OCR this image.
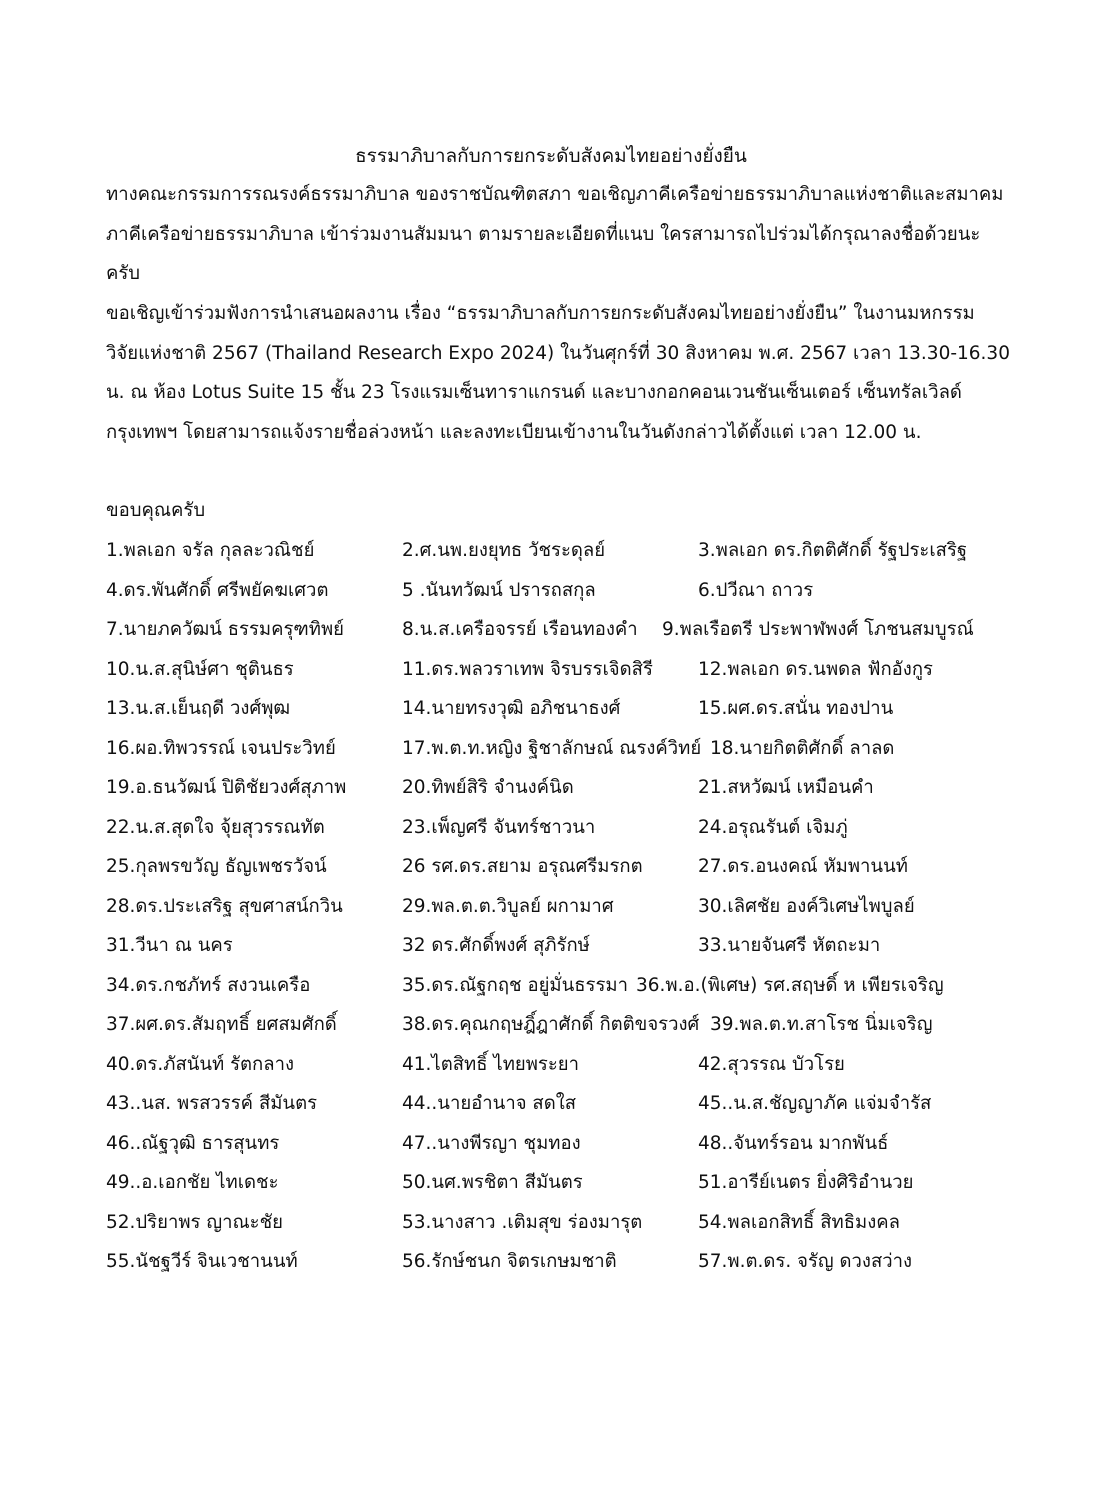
ธรรมาภิบาลกับการยกระดับสังคมไทยอย่างยั่งยืน
ทางคณะกรรมการรณรงค์ธรรมาภิบาล ของราชบัณฑิตสภา ขอเชิญภาคีเครือข่ายธรรมาภิบาลแห่งชาติและสมาคม
ภาคีเครือข่ายธรรมาภิบาล เข้าร่วมงานสัมมนา ตามรายละเอียดที่แนบ ใครสามารถไปร่วมได้กรุณาลงชื่อด้วยนะ
ครับ
ขอเชิญเข้าร่วมฟังการนำเสนอผลงาน เรื่อง “ธรรมาภิบาลกับการยกระดับสังคมไทยอย่างยั่งยืน” ในงานมหกรรม
วิจัยแห่งชาติ 2567 (Thailand Research Expo 2024) ในวันศุกร์ที่ 30 สิงหาคม พ.ศ. 2567 เวลา 13.30-16.30
น. ณ ห้อง Lotus Suite 15 ชั้น 23 โรงแรมเซ็นทาราแกรนด์ และบางกอกคอนเวนชันเซ็นเตอร์ เซ็นทรัลเวิลด์
กรุงเทพฯ โดยสามารถแจ้งรายชื่อล่วงหน้า และลงทะเบียนเข้างานในวันดังกล่าวได้ตั้งแต่ เวลา 12.00 น.
ขอบคุณครับ
1.พลเอก จรัล กุลละวณิชย์	2.ศ.นพ.ยงยุทธ วัชระดุลย์	3.พลเอก ดร.กิตติศักดิ์ รัฐประเสริฐ
4.ดร.พันศักดิ์ ศรีพยัคฆเศวต	5 .นันทวัฒน์ ปรารถสกุล	6.ปวีณา ถาวร
7.นายภควัฒน์ ธรรมครุฑทิพย์	8.น.ส.เครือจรรย์ เรือนทองคำ 9.พลเรือตรี ประพาฬพงศ์ โภชนสมบูรณ์
10.น.ส.สุนิษ์ศา ชุตินธร	11.ดร.พลวราเทพ จิรบรรเจิดสิรี 12.พลเอก ดร.นพดล ฟักอังกูร
13.น.ส.เย็นฤดี วงศ์พุฒ	14.นายทรงวุฒิ อภิชนาธงศ์	15.ผศ.ดร.สนั่น ทองปาน
16.ผอ.ทิพวรรณ์ เจนประวิทย์	17.พ.ต.ท.หญิง ฐิชาลักษณ์ ณรงค์วิทย์ 18.นายกิตติศักดิ์ ลาลด
19.อ.ธนวัฒน์ ปิติชัยวงศ์สุภาพ	20.ทิพย์สิริ จำนงค์นิด	21.สหวัฒน์ เหมือนคำ
22.น.ส.สุดใจ จุ้ยสุวรรณทัต	23.เพ็ญศรี จันทร์ชาวนา	24.อรุณรันต์ เจิมภู่
25.กุลพรขวัญ ธัญเพชรวัจน์	26 รศ.ดร.สยาม อรุณศรีมรกต	27.ดร.อนงคณ์ หัมพานนท์
28.ดร.ประเสริฐ สุขศาสน์กวิน	29.พล.ต.ต.วิบูลย์ ผกามาศ	30.เลิศชัย องค์วิเศษไพบูลย์
31.วีนา ณ นคร	32 ดร.ศักดิ์พงศ์ สุภิรักษ์	33.นายจันศรี หัตถะมา
34.ดร.กชภัทร์ สงวนเครือ	35.ดร.ณัฐกฤช อยู่มั่นธรรมา 36.พ.อ.(พิเศษ) รศ.สฤษดิ์ ห เพียรเจริญ
37.ผศ.ดร.สัมฤทธิ์ ยศสมศักดิ์	38.ดร.คุณกฤษฎิ์ฎาศักดิ์ กิตติขจรวงศ์ 39.พล.ต.ท.สาโรช นิ่มเจริญ
40.ดร.ภัสนันท์ รัตกลาง	41.ไตสิทธิ์ ไทยพระยา	42.สุวรรณ บัวโรย
43..นส. พรสวรรค์ สีมันตร	44..นายอำนาจ สดใส	45..น.ส.ชัญญาภัค แจ่มจำรัส
46..ณัฐวุฒิ ธารสุนทร	47..นางพีรญา ชุมทอง	48..จันทร์รอน มากพันธ์
49..อ.เอกชัย ไทเดชะ	50.นศ.พรชิตา สีมันตร	51.อารีย์เนตร ยิ่งศิริอำนวย
52.ปริยาพร ญาณะชัย	53.นางสาว .เติมสุข ร่องมารุต	54.พลเอกสิทธิ์ สิทธิมงคล
55.นัชฐวีร์ จินเวชานนท์	56.รักษ์ชนก จิตรเกษมชาติ	57.พ.ต.ดร. จรัญ ดวงสว่าง
